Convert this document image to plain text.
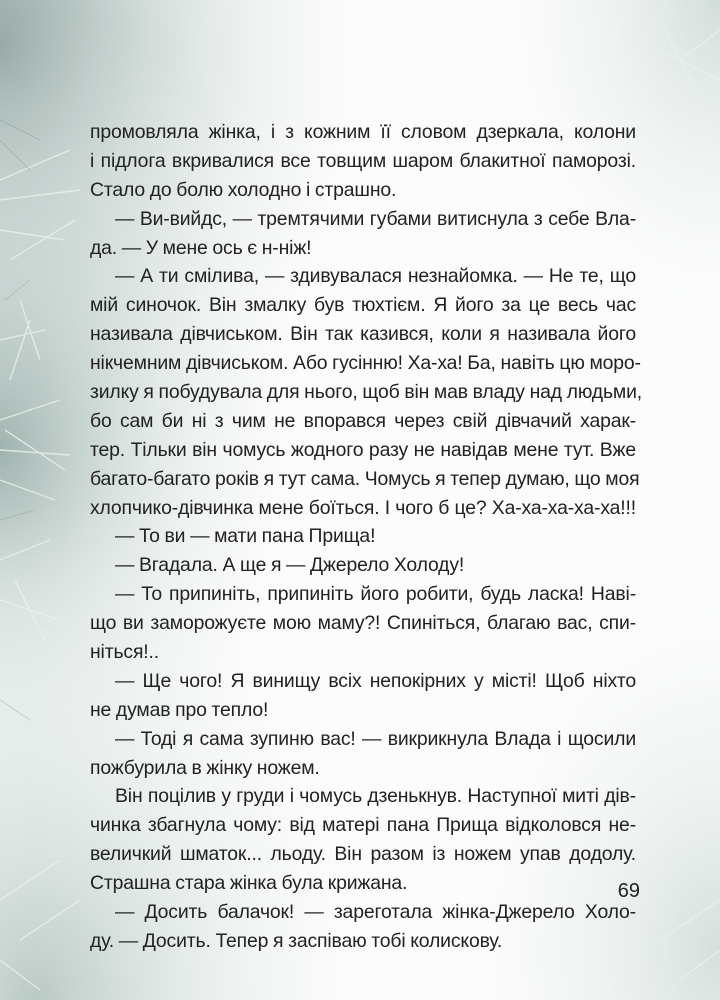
промовляла жінка, і з кожним її словом дзеркала, колони
і підлога вкривалися все товщим шаром блакитної паморозі.
Стало до болю холодно і страшно.
— Ви-вийдс, — тремтячими губами витиснула з себе Вла-
да. — У мене ось є н-ніж!
— А ти смілива, — здивувалася незнайомка. — Не те, що
мій синочок. Він змалку був тюхтієм. Я його за це весь час
називала дівчиськом. Він так казився, коли я називала його
нікчемним дівчиськом. Або гусінню! Ха-ха! Ба, навіть цю моро-
зилку я побудувала для нього, щоб він мав владу над людьми,
бо сам би ні з чим не впорався через свій дівчачий харак-
тер. Тільки він чомусь жодного разу не навідав мене тут. Вже
багато-багато років я тут сама. Чомусь я тепер думаю, що моя
хлопчико-дівчинка мене боїться. І чого б це? Ха-ха-ха-ха-ха!!!
— То ви — мати пана Прища!
— Вгадала. А ще я — Джерело Холоду!
— То припиніть, припиніть його робити, будь ласка! Наві-
що ви заморожуєте мою маму?! Спиніться, благаю вас, спи-
ніться!..
— Ще чого! Я винищу всіх непокірних у місті! Щоб ніхто
не думав про тепло!
— Тоді я сама зупиню вас! — викрикнула Влада і щосили
пожбурила в жінку ножем.
Він поцілив у груди і чомусь дзенькнув. Наступної миті дів-
чинка збагнула чому: від матері пана Прища відколовся не-
величкий шматок... льоду. Він разом із ножем упав додолу.
Страшна стара жінка була крижана.
— Досить балачок! — зареготала жінка-Джерело Холо-
ду. — Досить. Тепер я заспіваю тобі колискову.
69
